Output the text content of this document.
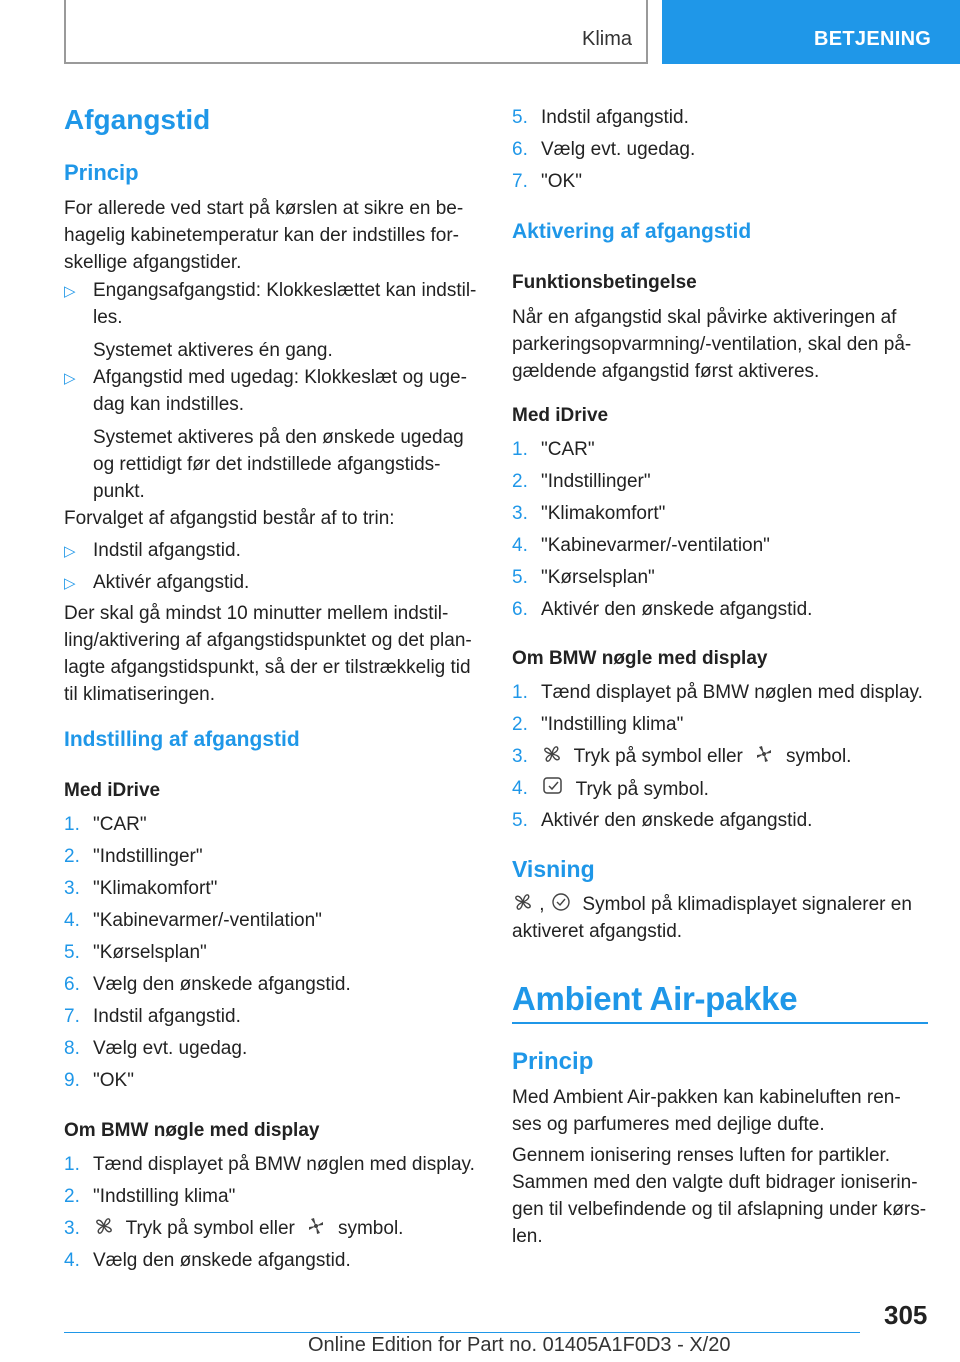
Klima	BETJENING
Afgangstid
Princip
For allerede ved start på kørslen at sikre en be-
hagelig kabinetemperatur kan der indstilles for-
skellige afgangstider.
▷ Engangsafgangstid: Klokkeslættet kan indstil-
les.
Systemet aktiveres én gang.
▷ Afgangstid med ugedag: Klokkeslæt og uge-
dag kan indstilles.
Systemet aktiveres på den ønskede ugedag
og rettidigt før det indstillede afgangstids-
punkt.
Forvalget af afgangstid består af to trin:
▷ Indstil afgangstid.
▷ Aktivér afgangstid.
Der skal gå mindst 10 minutter mellem indstil-
ling/aktivering af afgangstidspunktet og det plan-
lagte afgangstidspunkt, så der er tilstrækkelig tid
til klimatiseringen.
Indstilling af afgangstid
Med iDrive
1. "CAR"
2. "Indstillinger"
3. "Klimakomfort"
4. "Kabinevarmer/-ventilation"
5. "Kørselsplan"
6. Vælg den ønskede afgangstid.
7. Indstil afgangstid.
8. Vælg evt. ugedag.
9. "OK"
Om BMW nøgle med display
1. Tænd displayet på BMW nøglen med display.
2. "Indstilling klima"
3.	Tryk på symbol eller symbol.
4. Vælg den ønskede afgangstid.
5. Indstil afgangstid.
6. Vælg evt. ugedag.
7. "OK"
Aktivering af afgangstid
Funktionsbetingelse
Når en afgangstid skal påvirke aktiveringen af
parkeringsopvarmning/-ventilation, skal den på-
gældende afgangstid først aktiveres.
Med iDrive
1. "CAR"
2. "Indstillinger"
3. "Klimakomfort"
4. "Kabinevarmer/-ventilation"
5. "Kørselsplan"
6. Aktivér den ønskede afgangstid.
Om BMW nøgle med display
1. Tænd displayet på BMW nøglen med display.
2. "Indstilling klima"
3.	Tryk på symbol eller symbol.
4.	Tryk på symbol.
5. Aktivér den ønskede afgangstid.
Visning
, Symbol på klimadisplayet signalerer en
aktiveret afgangstid.
Ambient Air-pakke
Princip
Med Ambient Air-pakken kan kabineluften ren-
ses og parfumeres med dejlige dufte.
Gennem ionisering renses luften for partikler.
Sammen med den valgte duft bidrager ioniserin-
gen til velbefindende og til afslapning under kørs-
len.
305
Online Edition for Part no. 01405A1F0D3 - X/20
